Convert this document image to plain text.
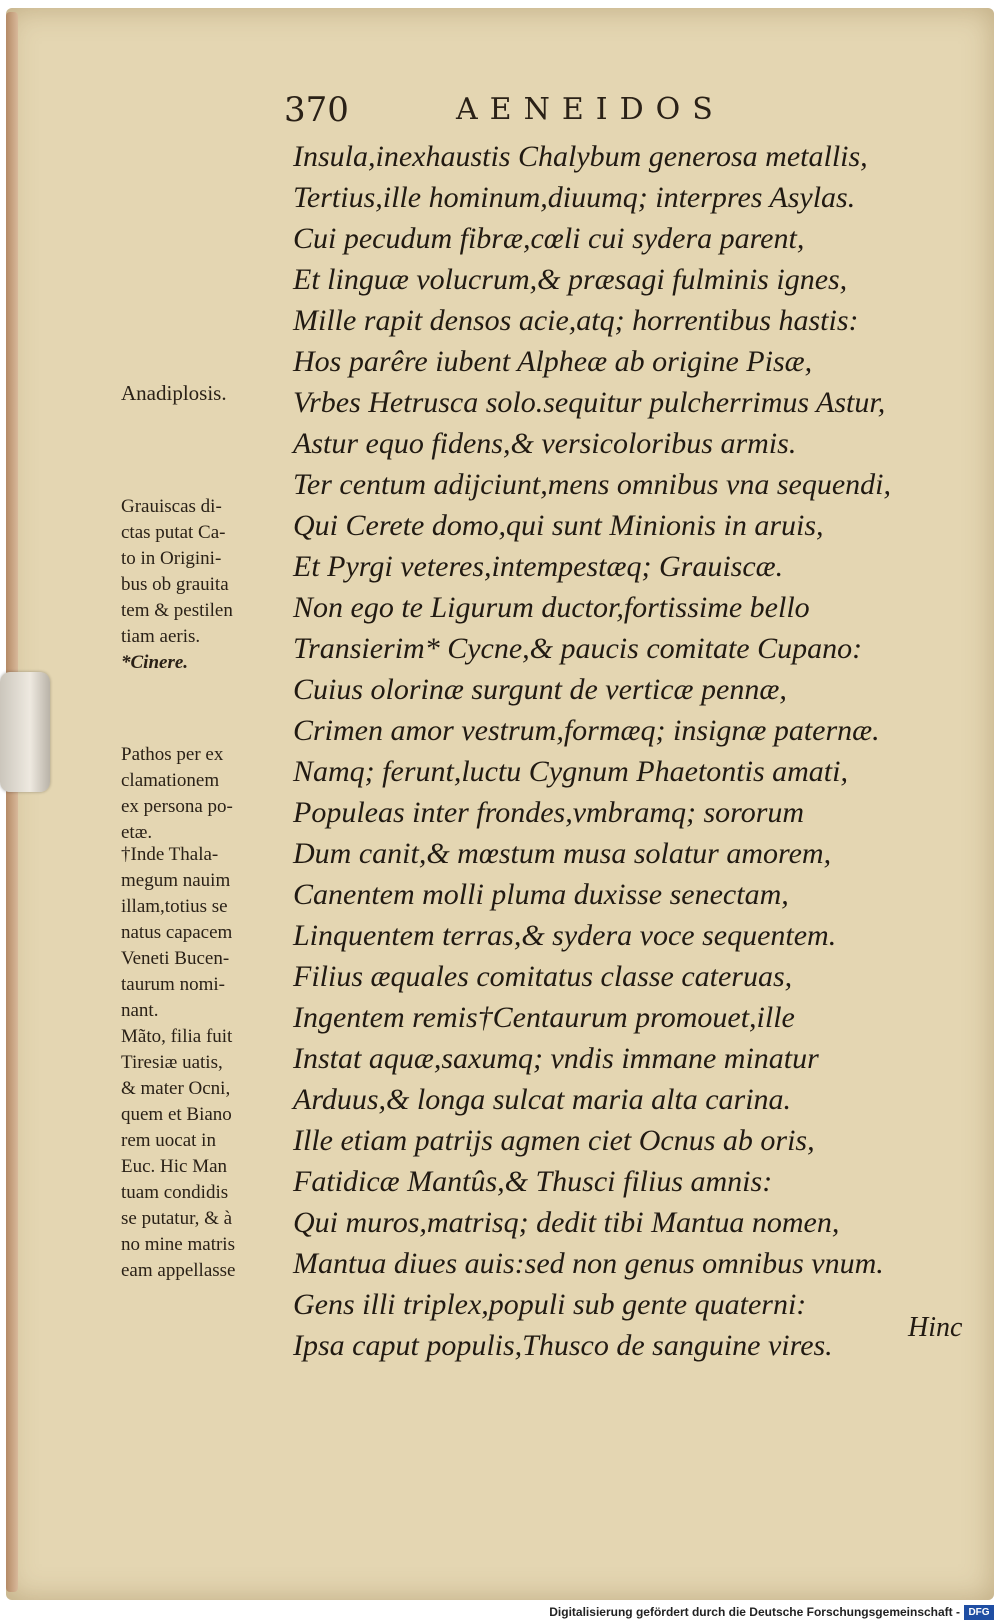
370	AENEIDOS
Insula,inexhaustis Chalybum generosa metallis,
Tertius,ille hominum,diuumq; interpres Asylas.
Cui pecudum fibræ,cœli cui sydera parent,
Et linguæ volucrum,& præsagi fulminis ignes,
Mille rapit densos acie,atq; horrentibus hastis:
Hos parêre iubent Alpheæ ab origine Pisæ,
Vrbes Hetrusca solo.sequitur pulcherrimus Astur,
Astur equo fidens,& versicoloribus armis.
Ter centum adijciunt,mens omnibus vna sequendi,
Qui Cerete domo,qui sunt Minionis in aruis,
Et Pyrgi veteres,intempestæq; Grauiscæ.
Non ego te Ligurum ductor,fortissime bello
Transierim* Cycne,& paucis comitate Cupano:
Cuius olorinæ surgunt de verticæ pennæ,
Crimen amor vestrum,formæq; insignæ paternæ.
Namq; ferunt,luctu Cygnum Phaetontis amati,
Populeas inter frondes,vmbramq; sororum
Dum canit,& mœstum musa solatur amorem,
Canentem molli pluma duxisse senectam,
Linquentem terras,& sydera voce sequentem.
Filius æquales comitatus classe cateruas,
Ingentem remis†Centaurum promouet,ille
Instat aquæ,saxumq; vndis immane minatur
Arduus,& longa sulcat maria alta carina.
Ille etiam patrijs agmen ciet Ocnus ab oris,
Fatidicæ Mantûs,& Thusci filius amnis:
Qui muros,matrisq; dedit tibi Mantua nomen,
Mantua diues auis:sed non genus omnibus vnum.
Gens illi triplex,populi sub gente quaterni:
Ipsa caput populis,Thusco de sanguine vires.
Anadiplosis.
Grauiscas di-
ctas putat Ca-
to in Origini-
bus ob grauita
tem & pestilen
tiam aeris.
*Cinere.
Pathos per ex
clamationem
ex persona po-
etæ.
†Inde Thala-
megum nauim
illam,totius se
natus capacem
Veneti Bucen-
taurum nomi-
nant.
Mãto, filia fuit
Tiresiæ uatis,
& mater Ocni,
quem et Biano
rem uocat in
Euc. Hic Man
tuam condidis
se putatur, & à
no mine matris
eam appellasse
Hinc
Digitalisierung gefördert durch die Deutsche Forschungsgemeinschaft - DFG
